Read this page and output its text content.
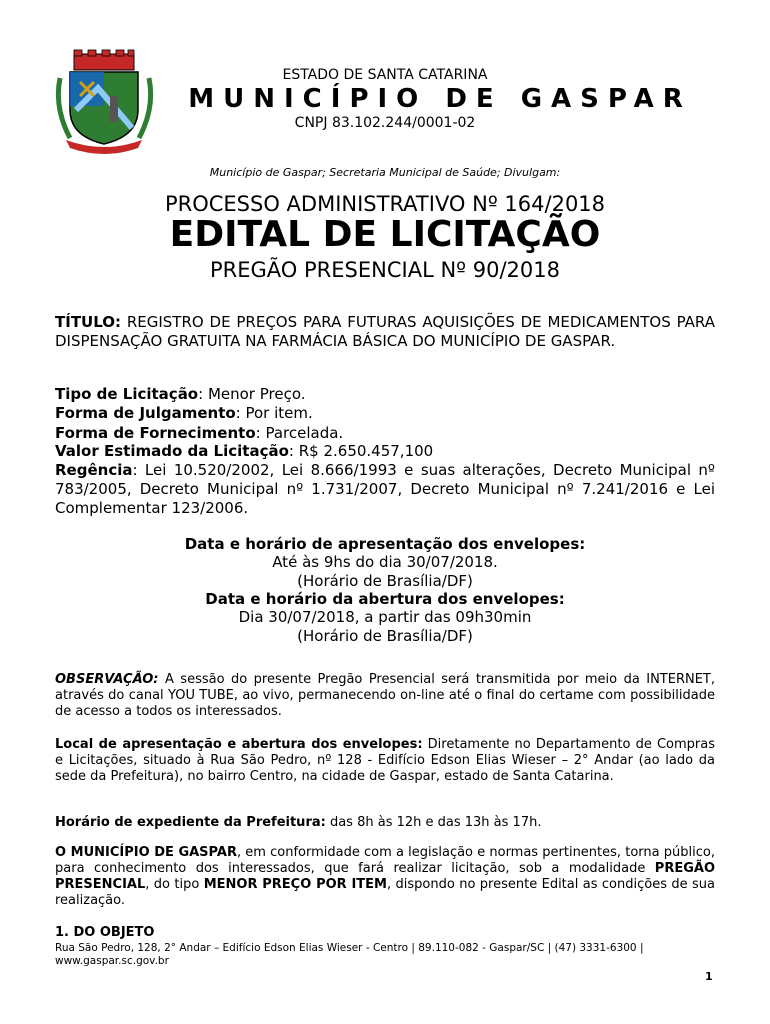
ESTADO DE SANTA CATARINA
MUNICÍPIO DE GASPAR
CNPJ 83.102.244/0001-02
Município de Gaspar; Secretaria Municipal de Saúde; Divulgam:
PROCESSO ADMINISTRATIVO Nº 164/2018
EDITAL DE LICITAÇÃO
PREGÃO PRESENCIAL Nº 90/2018
TÍTULO: REGISTRO DE PREÇOS PARA FUTURAS AQUISIÇÕES DE MEDICAMENTOS PARA DISPENSAÇÃO GRATUITA NA FARMÁCIA BÁSICA DO MUNICÍPIO DE GASPAR.
Tipo de Licitação: Menor Preço.
Forma de Julgamento: Por item.
Forma de Fornecimento: Parcelada.
Valor Estimado da Licitação: R$ 2.650.457,100
Regência: Lei 10.520/2002, Lei 8.666/1993 e suas alterações, Decreto Municipal nº 783/2005, Decreto Municipal nº 1.731/2007, Decreto Municipal nº 7.241/2016 e Lei Complementar 123/2006.
Data e horário de apresentação dos envelopes:
Até às 9hs do dia 30/07/2018.
(Horário de Brasília/DF)
Data e horário da abertura dos envelopes:
Dia 30/07/2018, a partir das 09h30min
(Horário de Brasília/DF)
OBSERVAÇÃO: A sessão do presente Pregão Presencial será transmitida por meio da INTERNET, através do canal YOU TUBE, ao vivo, permanecendo on-line até o final do certame com possibilidade de acesso a todos os interessados.
Local de apresentação e abertura dos envelopes: Diretamente no Departamento de Compras e Licitações, situado à Rua São Pedro, nº 128 - Edifício Edson Elias Wieser – 2° Andar (ao lado da sede da Prefeitura), no bairro Centro, na cidade de Gaspar, estado de Santa Catarina.
Horário de expediente da Prefeitura: das 8h às 12h e das 13h às 17h.
O MUNICÍPIO DE GASPAR, em conformidade com a legislação e normas pertinentes, torna público, para conhecimento dos interessados, que fará realizar licitação, sob a modalidade PREGÃO PRESENCIAL, do tipo MENOR PREÇO POR ITEM, dispondo no presente Edital as condições de sua realização.
1. DO OBJETO
Rua São Pedro, 128, 2° Andar – Edifício Edson Elias Wieser - Centro | 89.110-082 - Gaspar/SC | (47) 3331-6300 |
www.gaspar.sc.gov.br
1
